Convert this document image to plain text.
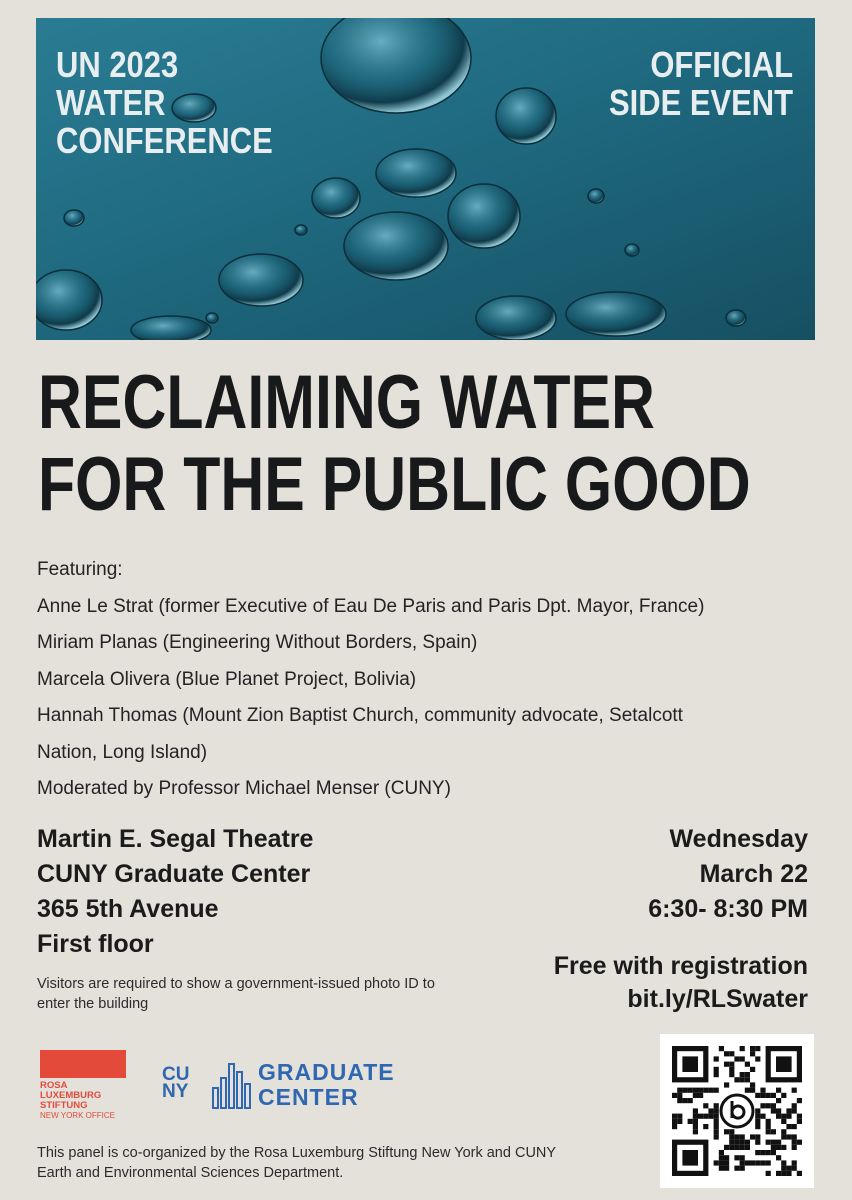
UN 2023
WATER
CONFERENCE
OFFICIAL
SIDE EVENT
RECLAIMING WATER
FOR THE PUBLIC GOOD
Featuring:
Anne Le Strat (former Executive of Eau De Paris and Paris Dpt. Mayor, France)
Miriam Planas (Engineering Without Borders, Spain)
Marcela Olivera (Blue Planet Project, Bolivia)
Hannah Thomas (Mount Zion Baptist Church, community advocate, Setalcott
Nation, Long Island)
Moderated by Professor Michael Menser (CUNY)
Martin E. Segal Theatre
CUNY Graduate Center
365 5th Avenue
First floor
Visitors are required to show a government-issued photo ID to enter the building
Wednesday
March 22
6:30- 8:30 PM
Free with registration
bit.ly/RLSwater
ROSA
LUXEMBURG
STIFTUNG
NEW YORK OFFICE
CU
NY
GRADUATE
CENTER
This panel is co-organized by the Rosa Luxemburg Stiftung New York and CUNY Earth and Environmental Sciences Department.
